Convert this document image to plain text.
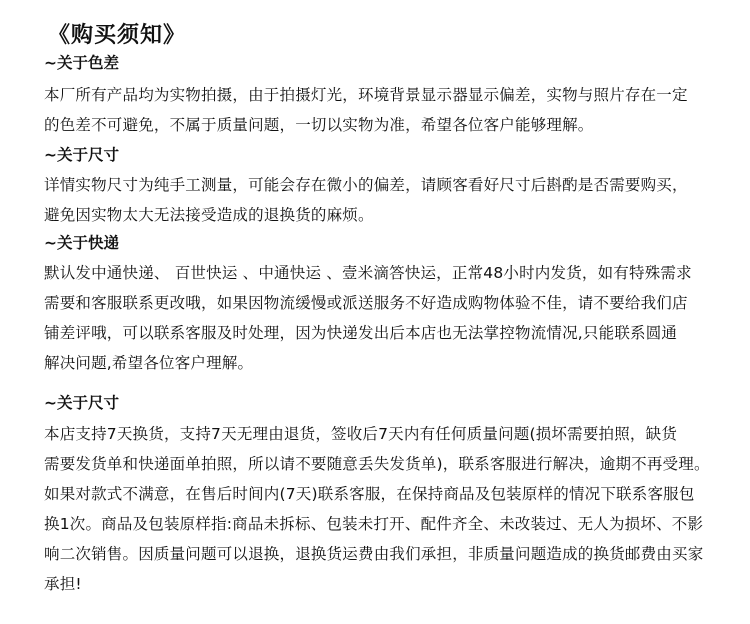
《购买须知》
~关于色差
本厂所有产品均为实物拍摄，由于拍摄灯光，环境背景显示器显示偏差，实物与照片存在一定
的色差不可避免，不属于质量问题，一切以实物为准，希望各位客户能够理解。
~关于尺寸
详情实物尺寸为纯手工测量，可能会存在微小的偏差，请顾客看好尺寸后斟酌是否需要购买，
避免因实物太大无法接受造成的退换货的麻烦。
~关于快递
默认发中通快递、 百世快运 、中通快运 、壹米滴答快运，正常48小时内发货，如有特殊需求
需要和客服联系更改哦，如果因物流缓慢或派送服务不好造成购物体验不佳，请不要给我们店
铺差评哦，可以联系客服及时处理，因为快递发出后本店也无法掌控物流情况,只能联系圆通
解决问题,希望各位客户理解。
~关于尺寸
本店支持7天换货，支持7天无理由退货，签收后7天内有任何质量问题(损坏需要拍照，缺货
需要发货单和快递面单拍照，所以请不要随意丢失发货单)，联系客服进行解决，逾期不再受理。
如果对款式不满意，在售后时间内(7天)联系客服，在保持商品及包装原样的情况下联系客服包
换1次。商品及包装原样指:商品未拆标、包装未打开、配件齐全、未改装过、无人为损坏、不影
响二次销售。因质量问题可以退换，退换货运费由我们承担，非质量问题造成的换货邮费由买家
承担!
